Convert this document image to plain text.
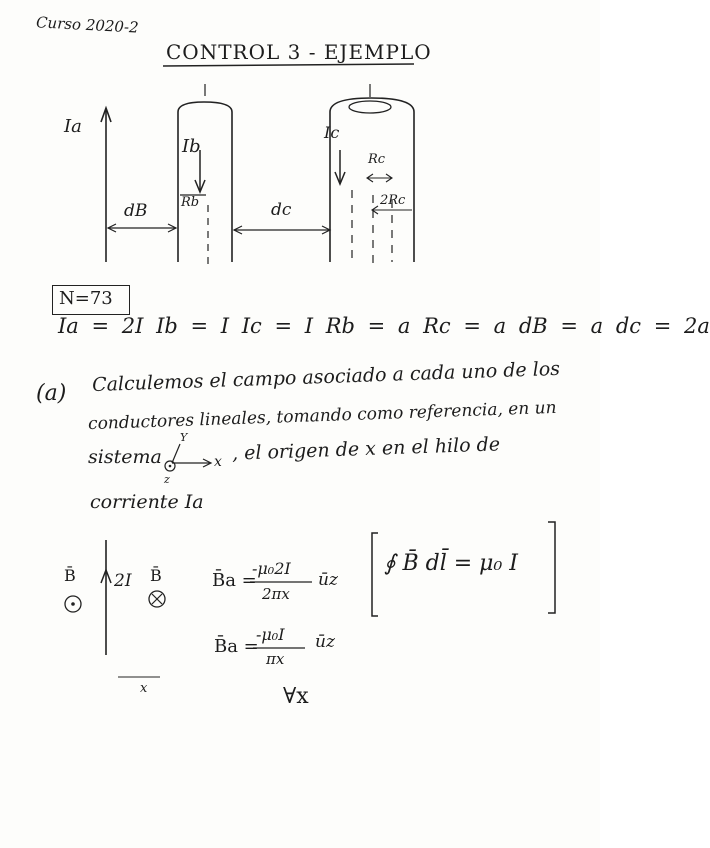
Curso 2020-2
CONTROL 3 - EJEMPLO
Ia
Ib
Ic
Rb
Rc
dB	dc	2Rc
N=73
Ia = 2I Ib = I Ic = I Rb = a Rc = a dB = a dc = 2a
(a) Calculemos el campo asociado a cada uno de los
conductores lineales, tomando como referencia, en un
sistema
Y
x
z
, el origen de x en el hilo de
corriente Ia
B̄ 2I B̄
x
B̄a =
-μ₀2I
2πx
ūz
B̄a =
-μ₀I
πx
ūz
∀x
∮ B̄ dl̄ = μ₀ I
